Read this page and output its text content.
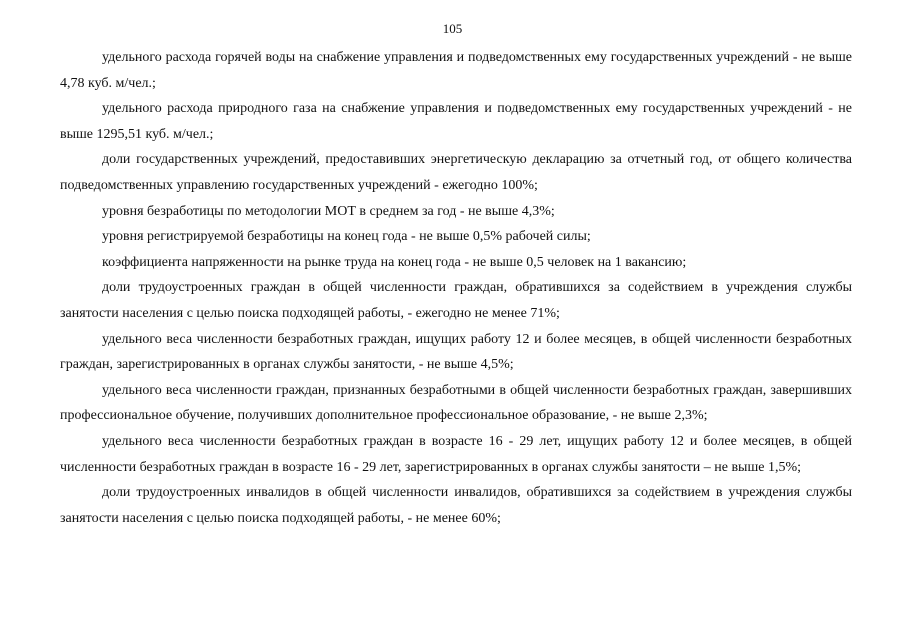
105

удельного расхода горячей воды на снабжение управления и подведомственных ему государственных учреждений - не выше 4,78 куб. м/чел.;

удельного расхода природного газа на снабжение управления и подведомственных ему государственных учреждений - не выше 1295,51 куб. м/чел.;

доли государственных учреждений, предоставивших энергетическую декларацию за отчетный год, от общего количества подведомственных управлению государственных учреждений - ежегодно 100%;

уровня безработицы по методологии МОТ в среднем за год - не выше 4,3%;

уровня регистрируемой безработицы на конец года - не выше 0,5% рабочей силы;

коэффициента напряженности на рынке труда на конец года - не выше 0,5 человек на 1 вакансию;

доли трудоустроенных граждан в общей численности граждан, обратившихся за содействием в учреждения службы занятости населения с целью поиска подходящей работы, - ежегодно не менее 71%;

удельного веса численности безработных граждан, ищущих работу 12 и более месяцев, в общей численности безработных граждан, зарегистрированных в органах службы занятости, - не выше 4,5%;

удельного веса численности граждан, признанных безработными в общей численности безработных граждан, завершивших профессиональное обучение, получивших дополнительное профессиональное образование, - не выше 2,3%;

удельного веса численности безработных граждан в возрасте 16 - 29 лет, ищущих работу 12 и более месяцев, в общей численности безработных граждан в возрасте 16 - 29 лет, зарегистрированных в органах службы занятости – не выше 1,5%;

доли трудоустроенных инвалидов в общей численности инвалидов, обратившихся за содействием в учреждения службы занятости населения с целью поиска подходящей работы, - не менее 60%;
